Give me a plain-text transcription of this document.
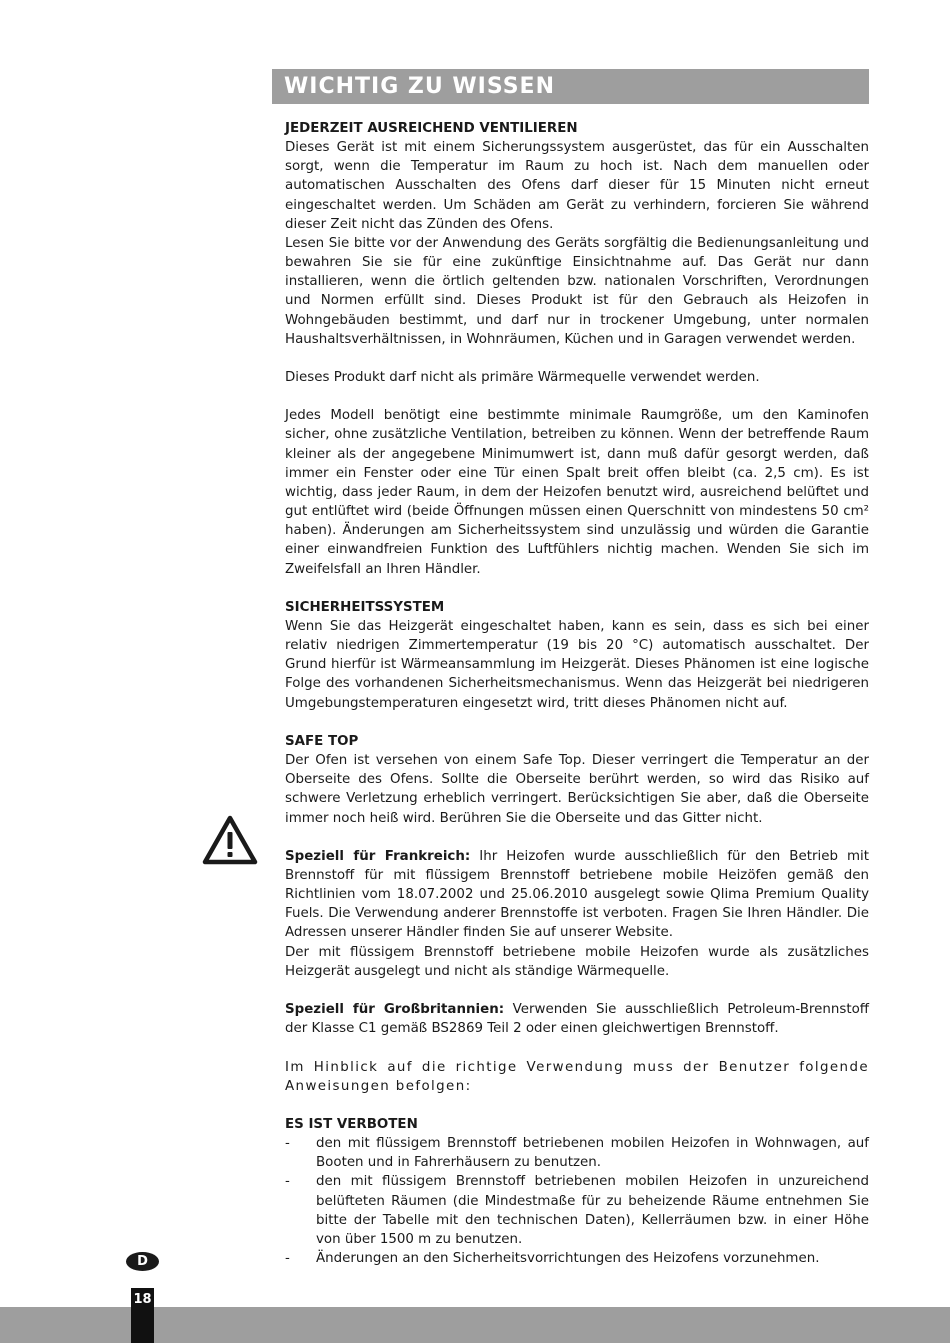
WICHTIG ZU WISSEN

JEDERZEIT AUSREICHEND VENTILIEREN

Dieses Gerät ist mit einem Sicherungssystem ausgerüstet, das für ein Ausschalten sorgt, wenn die Temperatur im Raum zu hoch ist. Nach dem manuellen oder automatischen Ausschalten des Ofens darf dieser für 15 Minuten nicht erneut eingeschaltet werden. Um Schäden am Gerät zu verhindern, forcieren Sie während dieser Zeit nicht das Zünden des Ofens.

Lesen Sie bitte vor der Anwendung des Geräts sorgfältig die Bedienungsanleitung und bewahren Sie sie für eine zukünftige Einsichtnahme auf. Das Gerät nur dann installieren, wenn die örtlich geltenden bzw. nationalen Vorschriften, Verordnungen und Normen erfüllt sind. Dieses Produkt ist für den Gebrauch als Heizofen in Wohngebäuden bestimmt, und darf nur in trockener Umgebung, unter normalen Haushaltsverhältnissen, in Wohnräumen, Küchen und in Garagen verwendet werden.

Dieses Produkt darf nicht als primäre Wärmequelle verwendet werden.

Jedes Modell benötigt eine bestimmte minimale Raumgröße, um den Kaminofen sicher, ohne zusätzliche Ventilation, betreiben zu können. Wenn der betreffende Raum kleiner als der angegebene Minimumwert ist, dann muß dafür gesorgt werden, daß immer ein Fenster oder eine Tür einen Spalt breit offen bleibt (ca. 2,5 cm). Es ist wichtig, dass jeder Raum, in dem der Heizofen benutzt wird, ausreichend belüftet und gut entlüftet wird (beide Öffnungen müssen einen Querschnitt von mindestens 50 cm² haben). Änderungen am Sicherheitssystem sind unzulässig und würden die Garantie einer einwandfreien Funktion des Luftfühlers nichtig machen. Wenden Sie sich im Zweifelsfall an Ihren Händler.

SICHERHEITSSYSTEM

Wenn Sie das Heizgerät eingeschaltet haben, kann es sein, dass es sich bei einer relativ niedrigen Zimmertemperatur (19 bis 20 °C) automatisch ausschaltet. Der Grund hierfür ist Wärmeansammlung im Heizgerät. Dieses Phänomen ist eine logische Folge des vorhandenen Sicherheitsmechanismus. Wenn das Heizgerät bei niedrigeren Umgebungstemperaturen eingesetzt wird, tritt dieses Phänomen nicht auf.

SAFE TOP

Der Ofen ist versehen von einem Safe Top. Dieser verringert die Temperatur an der Oberseite des Ofens. Sollte die Oberseite berührt werden, so wird das Risiko auf schwere Verletzung erheblich verringert. Berücksichtigen Sie aber, daß die Oberseite immer noch heiß wird. Berühren Sie die Oberseite und das Gitter nicht.

Speziell für Frankreich: Ihr Heizofen wurde ausschließlich für den Betrieb mit Brennstoff für mit flüssigem Brennstoff betriebene mobile Heizöfen gemäß den Richtlinien vom 18.07.2002 und 25.06.2010 ausgelegt sowie Qlima Premium Quality Fuels. Die Verwendung anderer Brennstoffe ist verboten. Fragen Sie Ihren Händler. Die Adressen unserer Händler finden Sie auf unserer Website.

Der mit flüssigem Brennstoff betriebene mobile Heizofen wurde als zusätzliches Heizgerät ausgelegt und nicht als ständige Wärmequelle.

Speziell für Großbritannien: Verwenden Sie ausschließlich Petroleum-Brennstoff der Klasse C1 gemäß BS2869 Teil 2 oder einen gleichwertigen Brennstoff.

Im Hinblick auf die richtige Verwendung muss der Benutzer folgende Anweisungen befolgen:

ES IST VERBOTEN

- den mit flüssigem Brennstoff betriebenen mobilen Heizofen in Wohnwagen, auf Booten und in Fahrerhäusern zu benutzen.
- den mit flüssigem Brennstoff betriebenen mobilen Heizofen in unzureichend belüfteten Räumen (die Mindestmaße für zu beheizende Räume entnehmen Sie bitte der Tabelle mit den technischen Daten), Kellerräumen bzw. in einer Höhe von über 1500 m zu benutzen.
- Änderungen an den Sicherheitsvorrichtungen des Heizofens vorzunehmen.
D
18
